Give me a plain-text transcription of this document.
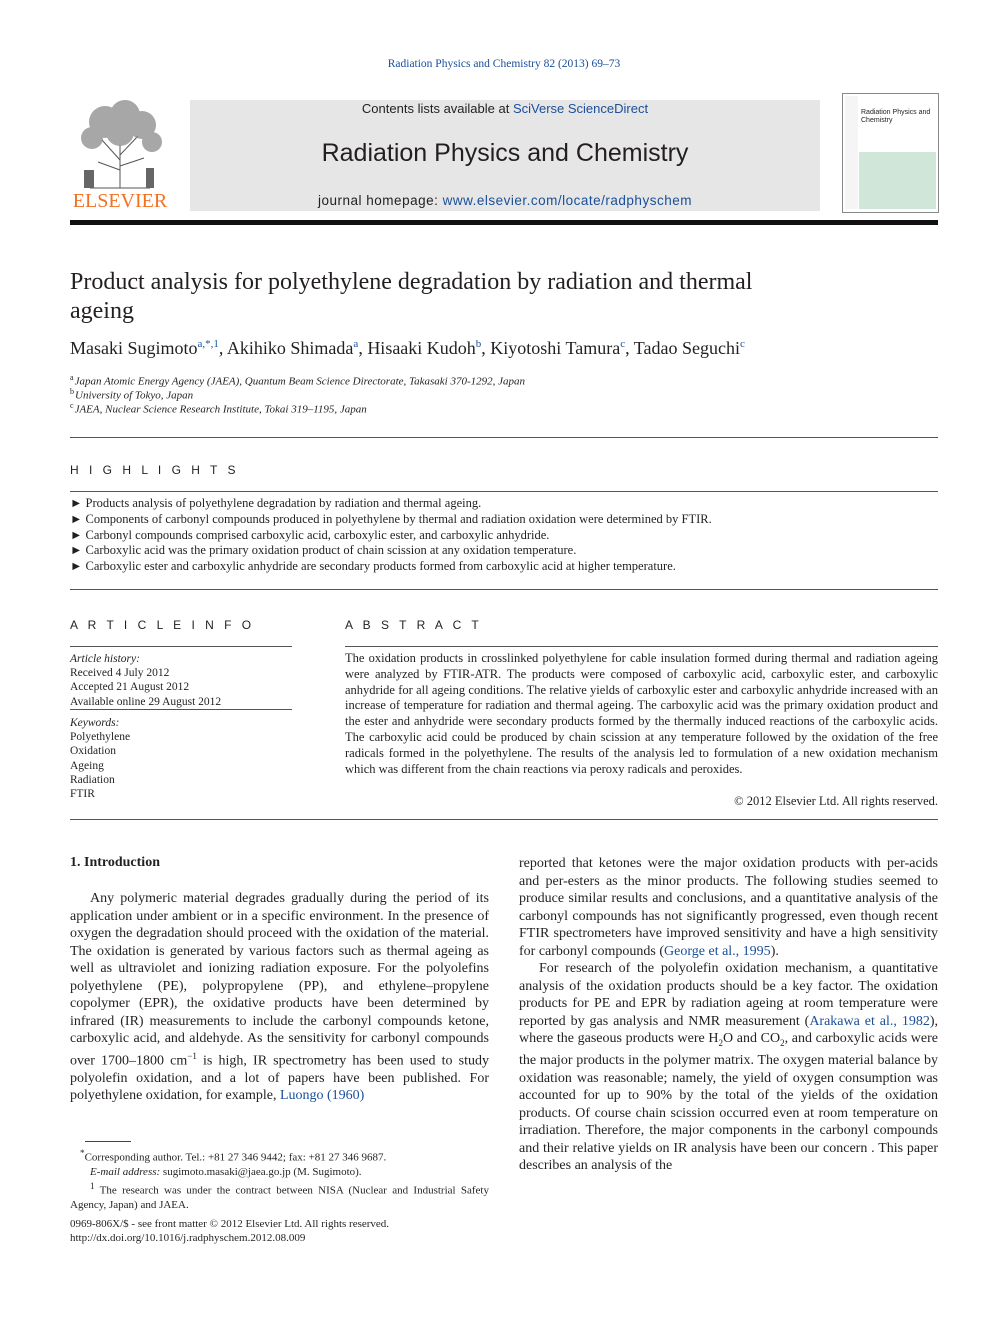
Radiation Physics and Chemistry 82 (2013) 69–73
ELSEVIER
Contents lists available at SciVerse ScienceDirect
Radiation Physics and Chemistry
journal homepage: www.elsevier.com/locate/radphyschem
Radiation Physics and Chemistry
Product analysis for polyethylene degradation by radiation and thermal ageing
Masaki Sugimoto$^{a,*,1}$, Akihiko Shimada$^a$, Hisaaki Kudoh$^b$, Kiyotoshi Tamura$^c$, Tadao Seguchi$^c$
$^a$Japan Atomic Energy Agency (JAEA), Quantum Beam Science Directorate, Takasaki 370-1292, Japan
$^b$University of Tokyo, Japan
$^c$JAEA, Nuclear Science Research Institute, Tokai 319–1195, Japan
H I G H L I G H T S
► Products analysis of polyethylene degradation by radiation and thermal ageing.
► Components of carbonyl compounds produced in polyethylene by thermal and radiation oxidation were determined by FTIR.
► Carbonyl compounds comprised carboxylic acid, carboxylic ester, and carboxylic anhydride.
► Carboxylic acid was the primary oxidation product of chain scission at any oxidation temperature.
► Carboxylic ester and carboxylic anhydride are secondary products formed from carboxylic acid at higher temperature.
A R T I C L E I N F O
Article history:
Received 4 July 2012
Accepted 21 August 2012
Available online 29 August 2012
Keywords:
Polyethylene
Oxidation
Ageing
Radiation
FTIR
A B S T R A C T
The oxidation products in crosslinked polyethylene for cable insulation formed during thermal and radiation ageing were analyzed by FTIR-ATR. The products were composed of carboxylic acid, carboxylic ester, and carboxylic anhydride for all ageing conditions. The relative yields of carboxylic ester and carboxylic anhydride increased with an increase of temperature for radiation and thermal ageing. The carboxylic acid was the primary oxidation product and the ester and anhydride were secondary products formed by the thermally induced reactions of the carboxylic acids. The carboxylic acid could be produced by chain scission at any temperature followed by the oxidation of the free radicals formed in the polyethylene. The results of the analysis led to formulation of a new oxidation mechanism which was different from the chain reactions via peroxy radicals and peroxides.
© 2012 Elsevier Ltd. All rights reserved.
1. Introduction

Any polymeric material degrades gradually during the period of its application under ambient or in a specific environment. In the presence of oxygen the degradation should proceed with the oxidation of the material. The oxidation is generated by various factors such as thermal ageing as well as ultraviolet and ionizing radiation exposure. For the polyolefins polyethylene (PE), polypropylene (PP), and ethylene–propylene copolymer (EPR), the oxidative products have been determined by infrared (IR) measurements to include the carbonyl compounds ketone, carboxylic acid, and aldehyde. As the sensitivity for carbonyl compounds over 1700–1800 $cm^{-1}$ is high, IR spectrometry has been used to study polyolefin oxidation, and a lot of papers have been published. For polyethylene oxidation, for example, Luongo (1960)

reported that ketones were the major oxidation products with per-acids and per-esters as the minor products. The following studies seemed to produce similar results and conclusions, and a quantitative analysis of the carbonyl compounds has not significantly progressed, even though recent FTIR spectrometers have improved sensitivity and have a high sensitivity for carbonyl compounds (George et al., 1995).

For research of the polyolefin oxidation mechanism, a quantitative analysis of the oxidation products should be a key factor. The oxidation products for PE and EPR by radiation ageing at room temperature were reported by gas analysis and NMR measurement (Arakawa et al., 1982), where the gaseous products were $H_2O$ and $CO_2$, and carboxylic acids were the major products in the polymer matrix. The oxygen material balance by oxidation was reasonable; namely, the yield of oxygen consumption was accounted for up to 90% by the total of the yields of the oxidation products. Of course chain scission occurred even at room temperature on irradiation. Therefore, the major components in the carbonyl compounds and their relative yields on IR analysis have been our concern . This paper describes an analysis of the

*Corresponding author. Tel.: +81 27 346 9442; fax: +81 27 346 9687.
E-mail address: sugimoto.masaki@jaea.go.jp (M. Sugimoto).
$^1$ The research was under the contract between NISA (Nuclear and Industrial Safety Agency, Japan) and JAEA.
0969-806X/$ - see front matter © 2012 Elsevier Ltd. All rights reserved.
http://dx.doi.org/10.1016/j.radphyschem.2012.08.009
